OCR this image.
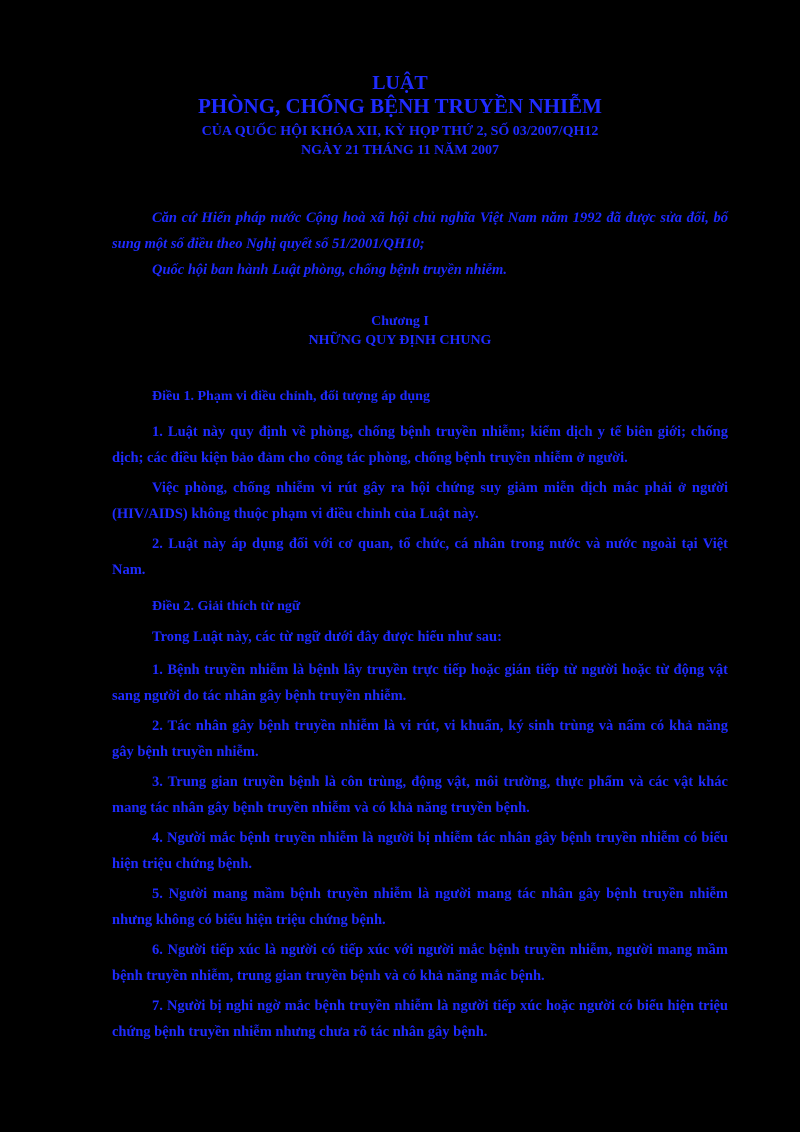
LUẬT
PHÒNG, CHỐNG BỆNH TRUYỀN NHIỄM
CỦA QUỐC HỘI KHÓA XII, KỲ HỌP THỨ 2, SỐ 03/2007/QH12
NGÀY 21 THÁNG 11 NĂM 2007

Căn cứ Hiến pháp nước Cộng hoà xã hội chủ nghĩa Việt Nam năm 1992 đã được sửa đổi, bổ sung một số điều theo Nghị quyết số 51/2001/QH10;

Quốc hội ban hành Luật phòng, chống bệnh truyền nhiễm.

Chương I
NHỮNG QUY ĐỊNH CHUNG

Điều 1. Phạm vi điều chỉnh, đối tượng áp dụng

1. Luật này quy định về phòng, chống bệnh truyền nhiễm; kiểm dịch y tế biên giới; chống dịch; các điều kiện bảo đảm cho công tác phòng, chống bệnh truyền nhiễm ở người.

Việc phòng, chống nhiễm vi rút gây ra hội chứng suy giảm miễn dịch mắc phải ở người (HIV/AIDS) không thuộc phạm vi điều chỉnh của Luật này.

2. Luật này áp dụng đối với cơ quan, tổ chức, cá nhân trong nước và nước ngoài tại Việt Nam.

Điều 2. Giải thích từ ngữ

Trong Luật này, các từ ngữ dưới đây được hiểu như sau:

1. Bệnh truyền nhiễm là bệnh lây truyền trực tiếp hoặc gián tiếp từ người hoặc từ động vật sang người do tác nhân gây bệnh truyền nhiễm.

2. Tác nhân gây bệnh truyền nhiễm là vi rút, vi khuẩn, ký sinh trùng và nấm có khả năng gây bệnh truyền nhiễm.

3. Trung gian truyền bệnh là côn trùng, động vật, môi trường, thực phẩm và các vật khác mang tác nhân gây bệnh truyền nhiễm và có khả năng truyền bệnh.

4. Người mắc bệnh truyền nhiễm là người bị nhiễm tác nhân gây bệnh truyền nhiễm có biểu hiện triệu chứng bệnh.

5. Người mang mầm bệnh truyền nhiễm là người mang tác nhân gây bệnh truyền nhiễm nhưng không có biểu hiện triệu chứng bệnh.

6. Người tiếp xúc là người có tiếp xúc với người mắc bệnh truyền nhiễm, người mang mầm bệnh truyền nhiễm, trung gian truyền bệnh và có khả năng mắc bệnh.

7. Người bị nghi ngờ mắc bệnh truyền nhiễm là người tiếp xúc hoặc người có biểu hiện triệu chứng bệnh truyền nhiễm nhưng chưa rõ tác nhân gây bệnh.
